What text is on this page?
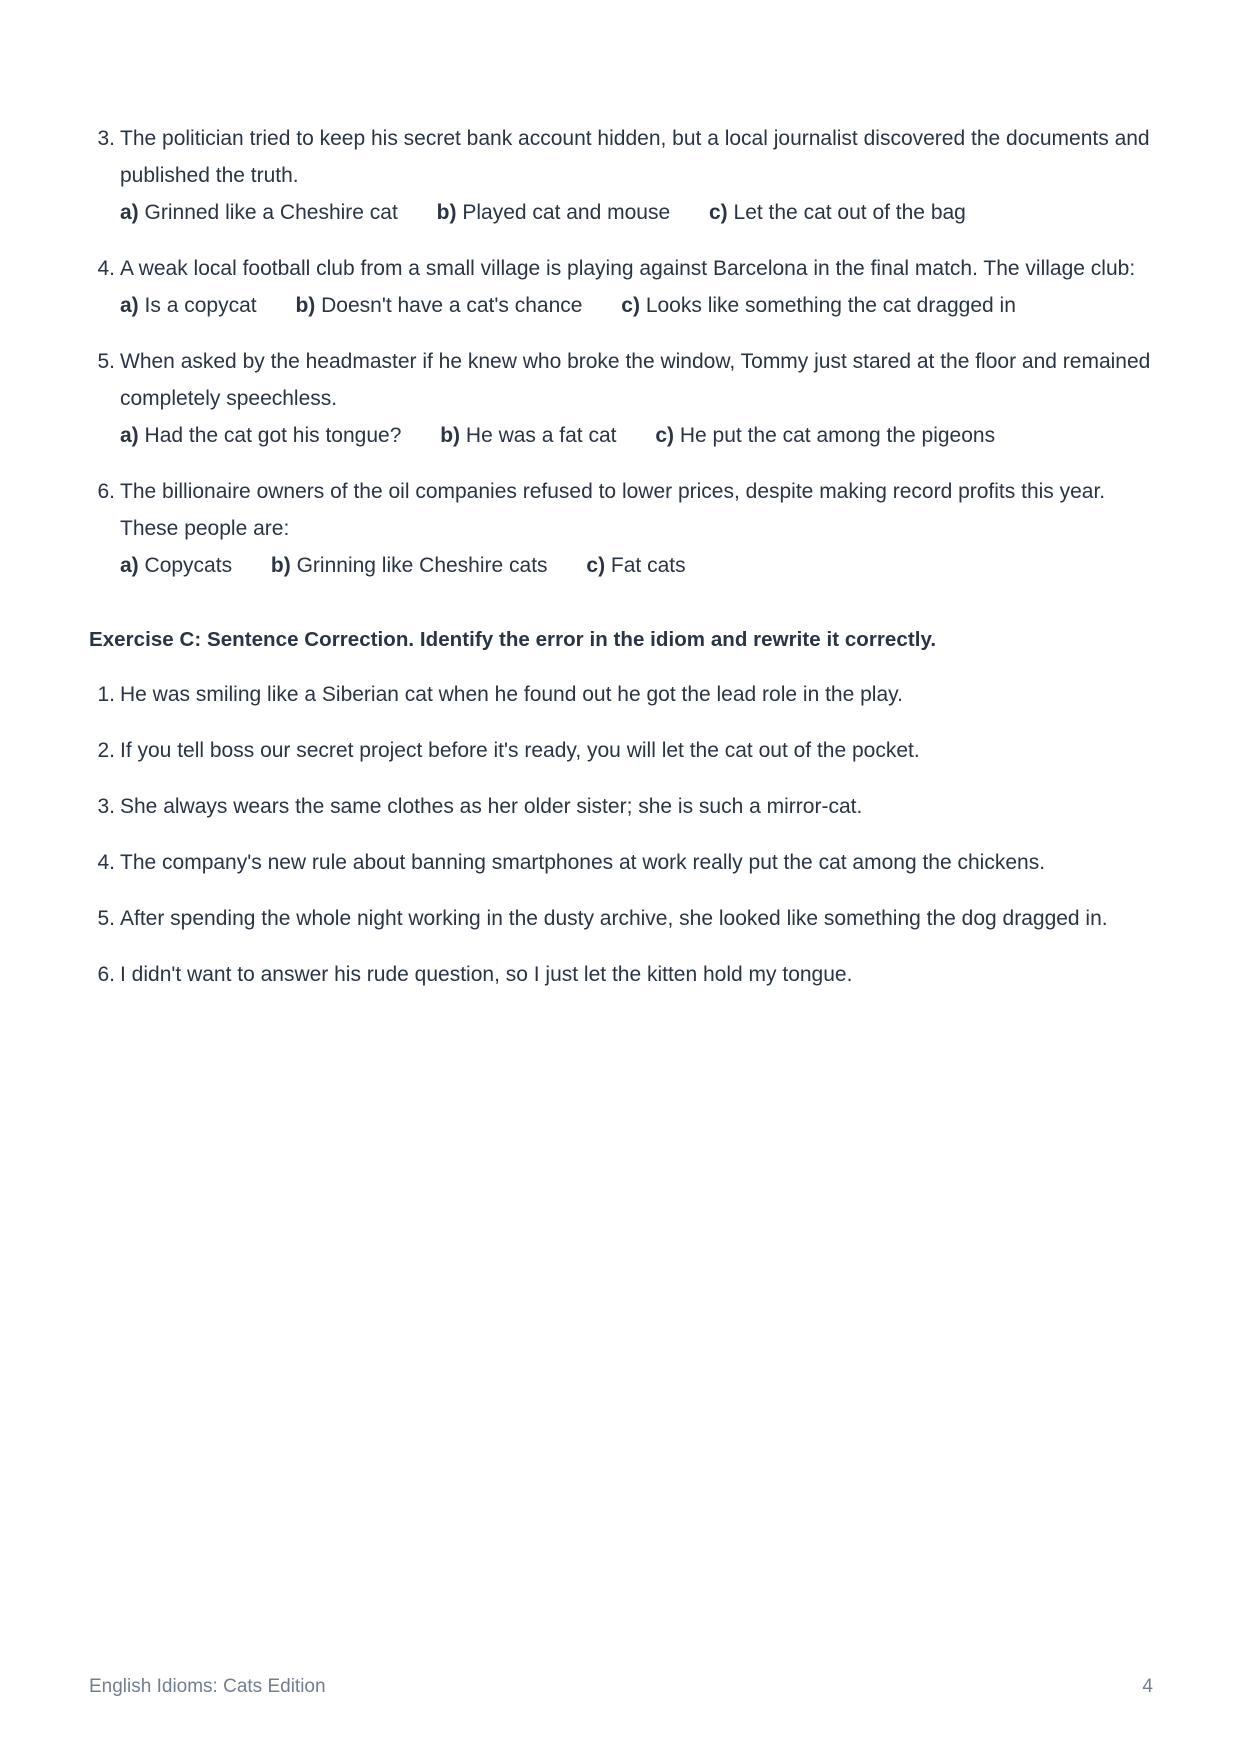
3. The politician tried to keep his secret bank account hidden, but a local journalist discovered the documents and published the truth.
a) Grinned like a Cheshire cat b) Played cat and mouse c) Let the cat out of the bag
4. A weak local football club from a small village is playing against Barcelona in the final match. The village club:
a) Is a copycat b) Doesn't have a cat's chance c) Looks like something the cat dragged in
5. When asked by the headmaster if he knew who broke the window, Tommy just stared at the floor and remained completely speechless.
a) Had the cat got his tongue? b) He was a fat cat c) He put the cat among the pigeons
6. The billionaire owners of the oil companies refused to lower prices, despite making record profits this year. These people are:
a) Copycats b) Grinning like Cheshire cats c) Fat cats
Exercise C: Sentence Correction. Identify the error in the idiom and rewrite it correctly.
1. He was smiling like a Siberian cat when he found out he got the lead role in the play.
2. If you tell boss our secret project before it's ready, you will let the cat out of the pocket.
3. She always wears the same clothes as her older sister; she is such a mirror-cat.
4. The company's new rule about banning smartphones at work really put the cat among the chickens.
5. After spending the whole night working in the dusty archive, she looked like something the dog dragged in.
6. I didn't want to answer his rude question, so I just let the kitten hold my tongue.
English Idioms: Cats Edition	4
